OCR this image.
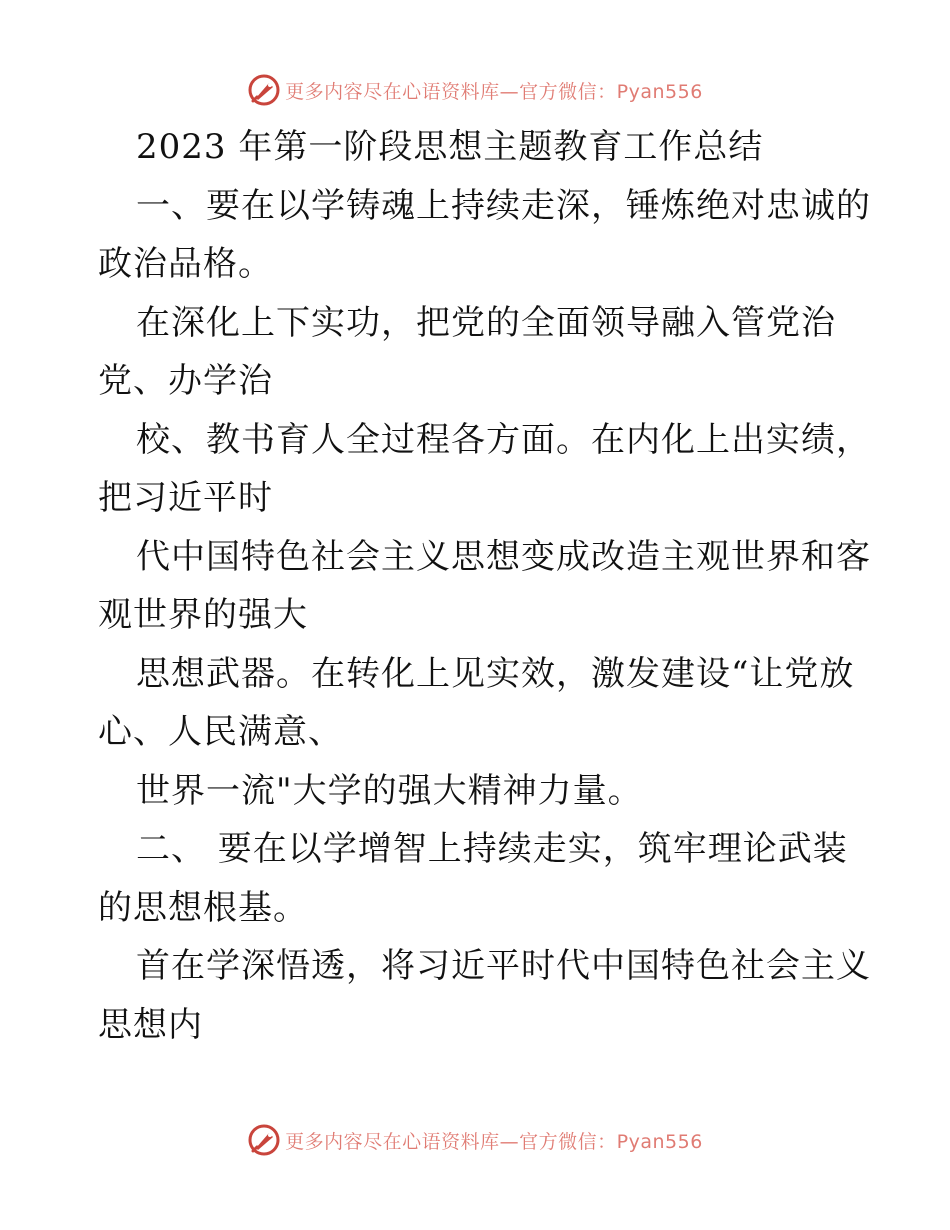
更多内容尽在心语资料库—官方微信：Pyan556
2023 年第一阶段思想主题教育工作总结
一、要在以学铸魂上持续走深，锤炼绝对忠诚的
政治品格。
在深化上下实功，把党的全面领导融入管党治
党、办学治
校、教书育人全过程各方面。在内化上出实绩，
把习近平时
代中国特色社会主义思想变成改造主观世界和客
观世界的强大
思想武器。在转化上见实效，激发建设“让党放
心、人民满意、
世界一流"大学的强大精神力量。
二、 要在以学增智上持续走实，筑牢理论武装
的思想根基。
首在学深悟透，将习近平时代中国特色社会主义
思想内
更多内容尽在心语资料库—官方微信：Pyan556
